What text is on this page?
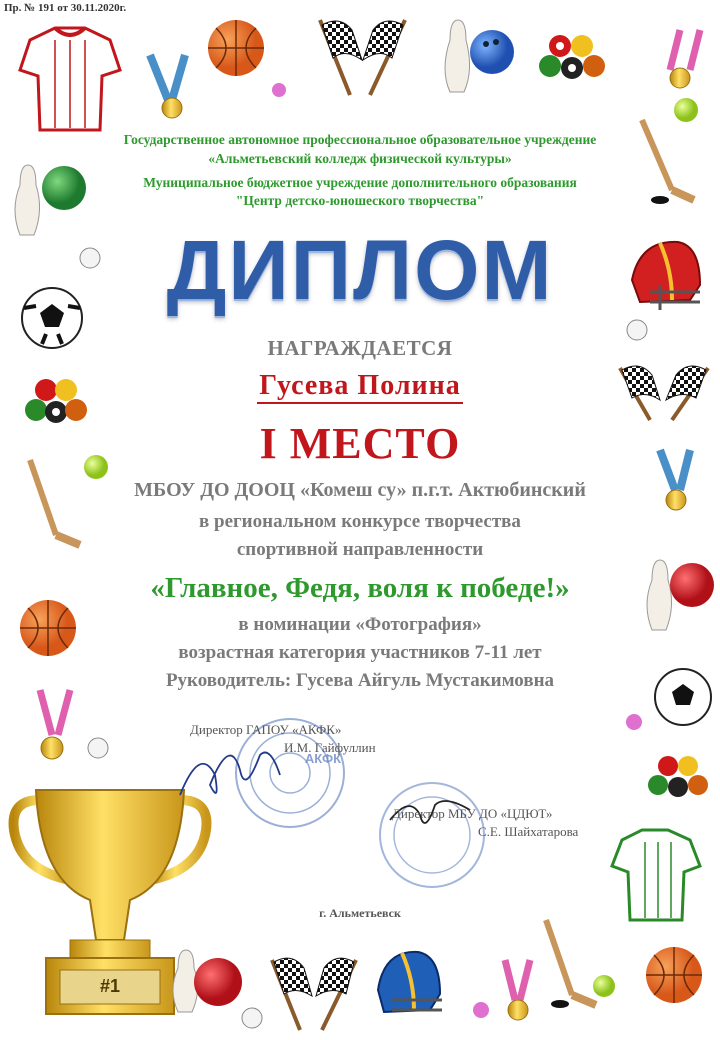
#1
Пр. № 191 от 30.11.2020г.
Государственное автономное профессиональное образовательное учреждение
«Альметьевский колледж физической культуры»
Муниципальное бюджетное учреждение дополнительного образования
"Центр детско-юношеского творчества"
ДИПЛОМ
НАГРАЖДАЕТСЯ
Гусева Полина
I МЕСТО
МБОУ ДО ДООЦ «Комеш су» п.г.т. Актюбинский
в региональном конкурсе творчества
спортивной направленности
«Главное, Федя, воля к победе!»
в номинации «Фотография»
возрастная категория участников 7-11 лет
Руководитель: Гусева Айгуль Мустакимовна
АКФК
Директор ГАПОУ «АКФК»
И.М. Гайфуллин
Директор МБУ ДО «ЦДЮТ»
С.Е. Шайхатарова
г. Альметьевск
